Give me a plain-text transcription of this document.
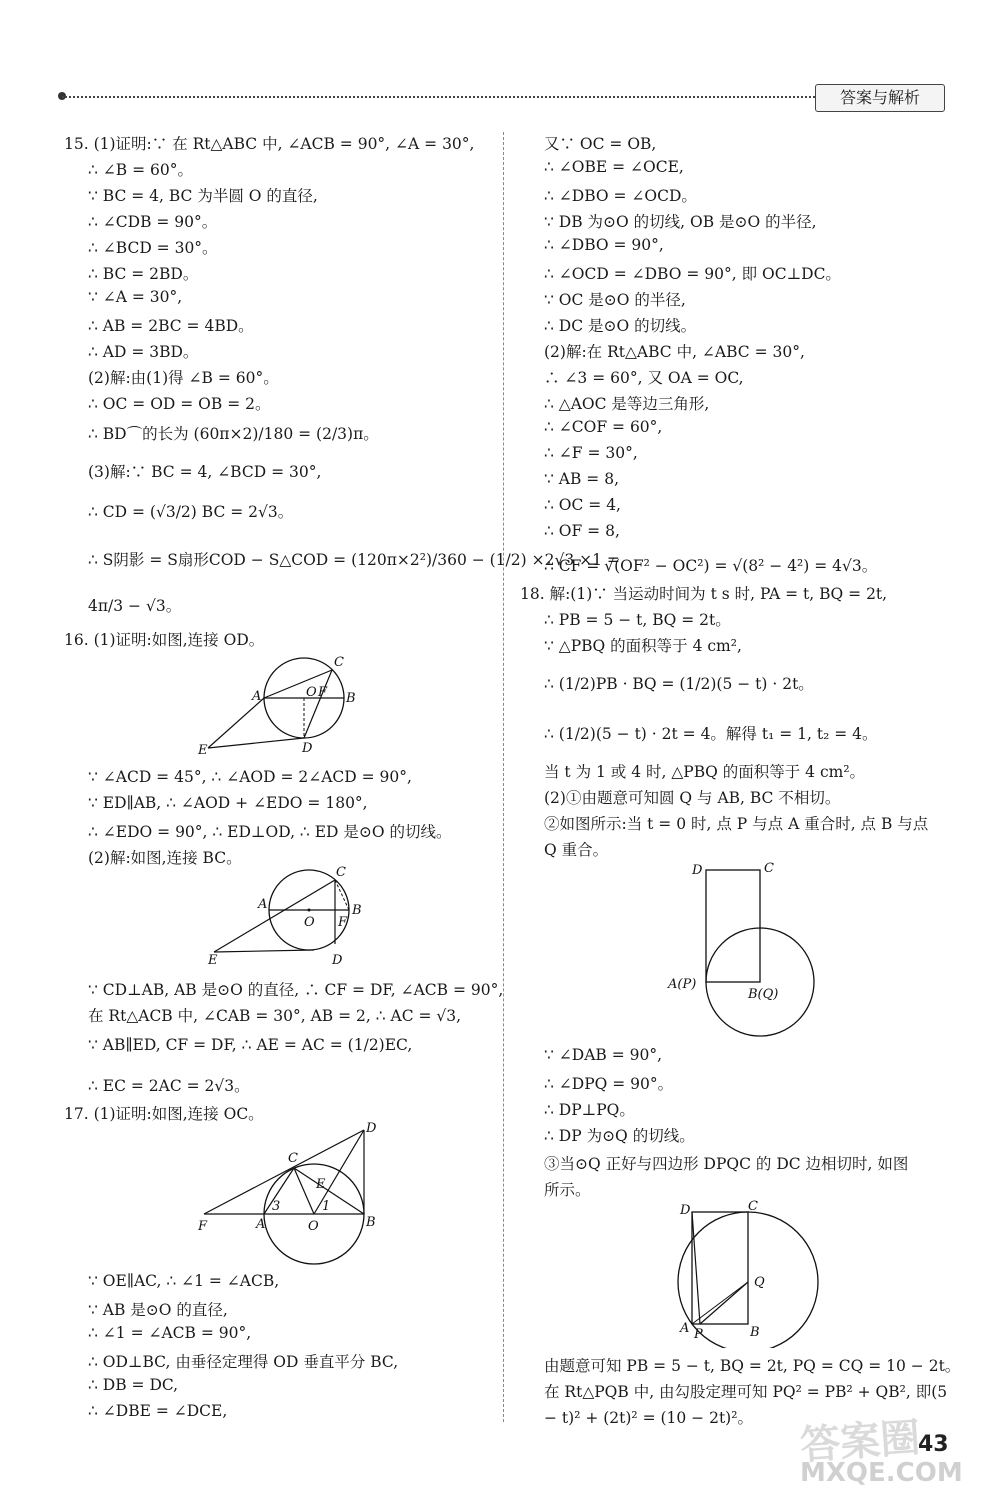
答案与解析
15. (1)证明:∵ 在 Rt△ABC 中, ∠ACB = 90°, ∠A = 30°,
∴ ∠B = 60°。
∵ BC = 4, BC 为半圆 O 的直径,
∴ ∠CDB = 90°。
∴ ∠BCD = 30°。
∴ BC = 2BD。
∵ ∠A = 30°,
∴ AB = 2BC = 4BD。
∴ AD = 3BD。
(2)解:由(1)得 ∠B = 60°。
∴ OC = OD = OB = 2。
∴ BD⌒的长为 (60π×2)/180 = (2/3)π。
(3)解:∵ BC = 4, ∠BCD = 30°,
∴ CD = (√3/2) BC = 2√3。
∴ S阴影 = S扇形COD − S△COD = (120π×2²)/360 − (1/2) ×2√3 ×1 =
4π/3 − √3。
16. (1)证明:如图,连接 OD。
C
A	O F B
E	D
∵ ∠ACD = 45°, ∴ ∠AOD = 2∠ACD = 90°,
∵ ED∥AB, ∴ ∠AOD + ∠EDO = 180°,
∴ ∠EDO = 90°, ∴ ED⊥OD, ∴ ED 是⊙O 的切线。
(2)解:如图,连接 BC。
C
A
O F
B
E	D
∵ CD⊥AB, AB 是⊙O 的直径, ∴ CF = DF, ∠ACB = 90°,
在 Rt△ACB 中, ∠CAB = 30°, AB = 2, ∴ AC = √3,
∵ AB∥ED, CF = DF, ∴ AE = AC = (1/2)EC,
∴ EC = 2AC = 2√3。
17. (1)证明:如图,连接 OC。
D
C
E
3	1
F	A	O	B
∵ OE∥AC, ∴ ∠1 = ∠ACB,
∵ AB 是⊙O 的直径,
∴ ∠1 = ∠ACB = 90°,
∴ OD⊥BC, 由垂径定理得 OD 垂直平分 BC,
∴ DB = DC,
∴ ∠DBE = ∠DCE,
又∵ OC = OB,
∴ ∠OBE = ∠OCE,
∴ ∠DBO = ∠OCD。
∵ DB 为⊙O 的切线, OB 是⊙O 的半径,
∴ ∠DBO = 90°,
∴ ∠OCD = ∠DBO = 90°, 即 OC⊥DC。
∵ OC 是⊙O 的半径,
∴ DC 是⊙O 的切线。
(2)解:在 Rt△ABC 中, ∠ABC = 30°,
∴ ∠3 = 60°, 又 OA = OC,
∴ △AOC 是等边三角形,
∴ ∠COF = 60°,
∴ ∠F = 30°,
∵ AB = 8,
∴ OC = 4,
∴ OF = 8,
∴ CF = √(OF² − OC²) = √(8² − 4²) = 4√3。
18. 解:(1)∵ 当运动时间为 t s 时, PA = t, BQ = 2t,
∴ PB = 5 − t, BQ = 2t。
∵ △PBQ 的面积等于 4 cm²,
∴ (1/2)PB · BQ = (1/2)(5 − t) · 2t。
∴ (1/2)(5 − t) · 2t = 4。解得 t₁ = 1, t₂ = 4。
当 t 为 1 或 4 时, △PBQ 的面积等于 4 cm²。
(2)①由题意可知圆 Q 与 AB, BC 不相切。
②如图所示:当 t = 0 时, 点 P 与点 A 重合时, 点 B 与点
Q 重合。
D	C
A(P)
B(Q)
∵ ∠DAB = 90°,
∴ ∠DPQ = 90°。
∴ DP⊥PQ。
∴ DP 为⊙Q 的切线。
③当⊙Q 正好与四边形 DPQC 的 DC 边相切时, 如图
所示。
D	C
Q
A P	B
由题意可知 PB = 5 − t, BQ = 2t, PQ = CQ = 10 − 2t。
在 Rt△PQB 中, 由勾股定理可知 PQ² = PB² + QB², 即(5
− t)² + (2t)² = (10 − 2t)²。 答案圈
MXQE.COM
43
